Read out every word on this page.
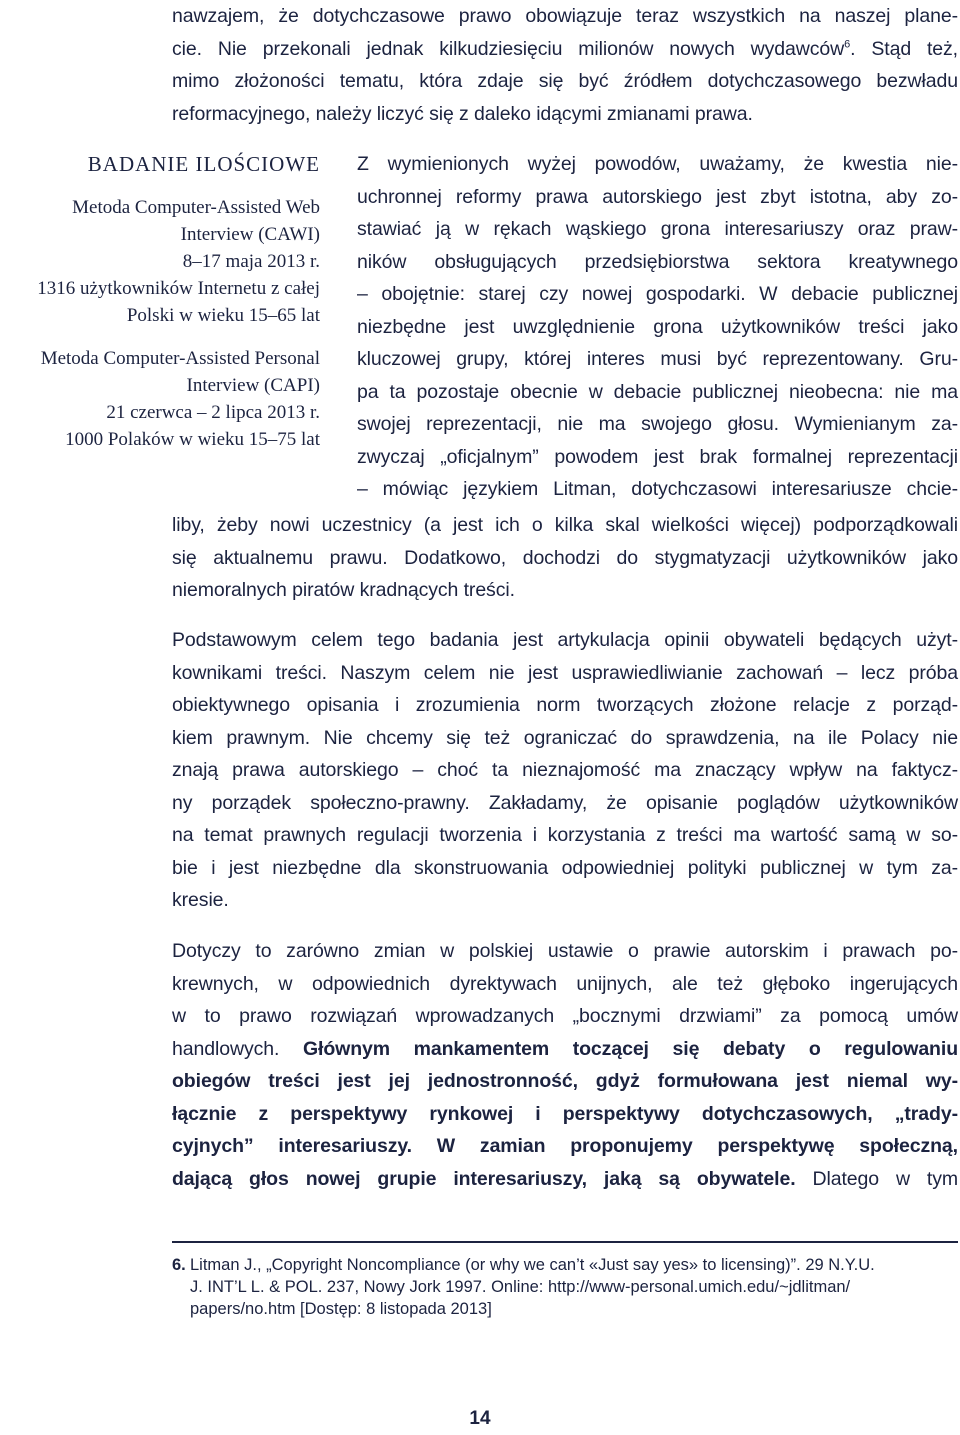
nawzajem, że dotychczasowe prawo obowiązuje teraz wszystkich na naszej plane-
cie. Nie przekonali jednak kilkudziesięciu milionów nowych wydawców$^6$. Stąd też,
mimo złożoności tematu, która zdaje się być źródłem dotychczasowego bezwładu
reformacyjnego, należy liczyć się z daleko idącymi zmianami prawa.

BADANIE ILOŚCIOWE
Metoda Computer-Assisted Web
Interview (CAWI)
8–17 maja 2013 r.
1316 użytkowników Internetu z całej
Polski w wieku 15–65 lat
Metoda Computer-Assisted Personal
Interview (CAPI)
21 czerwca – 2 lipca 2013 r.
1000 Polaków w wieku 15–75 lat

Z wymienionych wyżej powodów, uważamy, że kwestia nie-
uchronnej reformy prawa autorskiego jest zbyt istotna, aby zo-
stawiać ją w rękach wąskiego grona interesariuszy oraz praw-
ników obsługujących przedsiębiorstwa sektora kreatywnego
– obojętnie: starej czy nowej gospodarki. W debacie publicznej
niezbędne jest uwzględnienie grona użytkowników treści jako
kluczowej grupy, której interes musi być reprezentowany. Gru-
pa ta pozostaje obecnie w debacie publicznej nieobecna: nie ma
swojej reprezentacji, nie ma swojego głosu. Wymienianym za-
zwyczaj „oficjalnym” powodem jest brak formalnej reprezentacji
– mówiąc językiem Litman, dotychczasowi interesariusze chcie-

liby, żeby nowi uczestnicy (a jest ich o kilka skal wielkości więcej) podporządkowali
się aktualnemu prawu. Dodatkowo, dochodzi do stygmatyzacji użytkowników jako
niemoralnych piratów kradnących treści.

Podstawowym celem tego badania jest artykulacja opinii obywateli będących użyt-
kownikami treści. Naszym celem nie jest usprawiedliwianie zachowań – lecz próba
obiektywnego opisania i zrozumienia norm tworzących złożone relacje z porząd-
kiem prawnym. Nie chcemy się też ograniczać do sprawdzenia, na ile Polacy nie
znają prawa autorskiego – choć ta nieznajomość ma znaczący wpływ na faktycz-
ny porządek społeczno-prawny. Zakładamy, że opisanie poglądów użytkowników
na temat prawnych regulacji tworzenia i korzystania z treści ma wartość samą w so-
bie i jest niezbędne dla skonstruowania odpowiedniej polityki publicznej w tym za-
kresie.

Dotyczy to zarówno zmian w polskiej ustawie o prawie autorskim i prawach po-
krewnych, w odpowiednich dyrektywach unijnych, ale też głęboko ingerujących
w to prawo rozwiązań wprowadzanych „bocznymi drzwiami” za pomocą umów
handlowych. Głównym mankamentem toczącej się debaty o regulowaniu
obiegów treści jest jej jednostronność, gdyż formułowana jest niemal wy-
łącznie z perspektywy rynkowej i perspektywy dotychczasowych, „trady-
cyjnych” interesariuszy. W zamian proponujemy perspektywę społeczną,
dającą głos nowej grupie interesariuszy, jaką są obywatele. Dlatego w tym

6. Litman J., „Copyright Noncompliance (or why we can’t «Just say yes» to licensing)”. 29 N.Y.U.
J. INT’L L. & POL. 237, Nowy Jork 1997. Online: http://www-personal.umich.edu/~jdlitman/
papers/no.htm [Dostęp: 8 listopada 2013]
14
